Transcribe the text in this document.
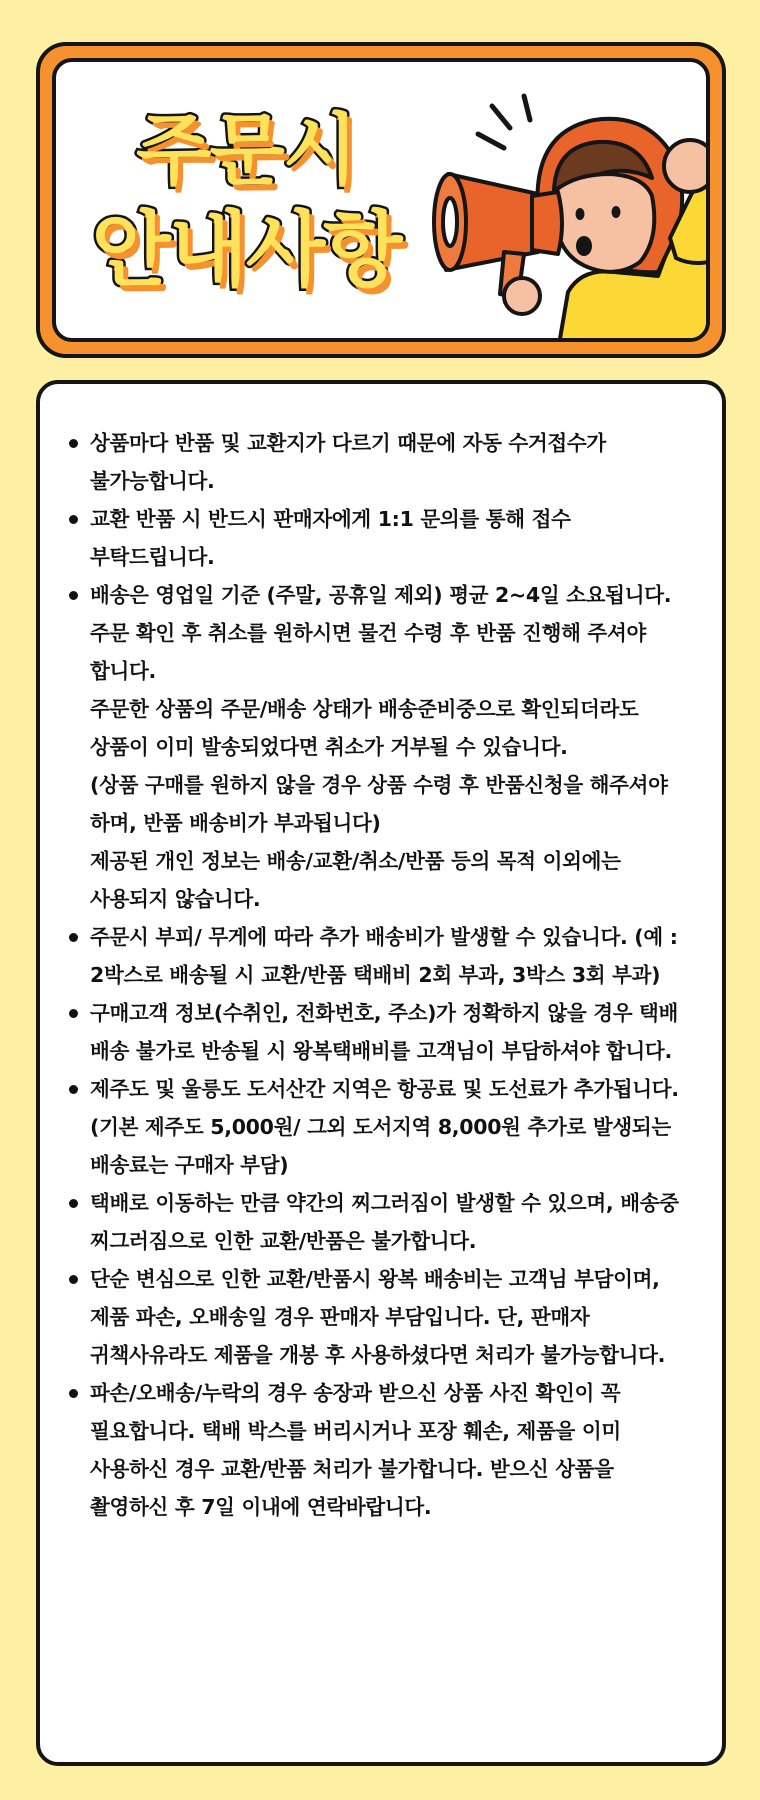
주문시
안내사항
상품마다 반품 및 교환지가 다르기 때문에 자동 수거접수가 불가능합니다.
교환 반품 시 반드시 판매자에게 1:1 문의를 통해 접수 부탁드립니다.
배송은 영업일 기준 (주말, 공휴일 제외) 평균 2~4일 소요됩니다.
주문 확인 후 취소를 원하시면 물건 수령 후 반품 진행해 주셔야 합니다.
주문한 상품의 주문/배송 상태가 배송준비중으로 확인되더라도 상품이 이미 발송되었다면 취소가 거부될 수 있습니다.
(상품 구매를 원하지 않을 경우 상품 수령 후 반품신청을 해주셔야 하며, 반품 배송비가 부과됩니다)
제공된 개인 정보는 배송/교환/취소/반품 등의 목적 이외에는 사용되지 않습니다.
주문시 부피/ 무게에 따라 추가 배송비가 발생할 수 있습니다. (예 : 2박스로 배송될 시 교환/반품 택배비 2회 부과, 3박스 3회 부과)
구매고객 정보(수취인, 전화번호, 주소)가 정확하지 않을 경우 택배 배송 불가로 반송될 시 왕복택배비를 고객님이 부담하셔야 합니다.
제주도 및 울릉도 도서산간 지역은 항공료 및 도선료가 추가됩니다. (기본 제주도 5,000원/ 그외 도서지역 8,000원 추가로 발생되는 배송료는 구매자 부담)
택배로 이동하는 만큼 약간의 찌그러짐이 발생할 수 있으며, 배송중 찌그러짐으로 인한 교환/반품은 불가합니다.
단순 변심으로 인한 교환/반품시 왕복 배송비는 고객님 부담이며, 제품 파손, 오배송일 경우 판매자 부담입니다. 단, 판매자 귀책사유라도 제품을 개봉 후 사용하셨다면 처리가 불가능합니다.
파손/오배송/누락의 경우 송장과 받으신 상품 사진 확인이 꼭 필요합니다. 택배 박스를 버리시거나 포장 훼손, 제품을 이미 사용하신 경우 교환/반품 처리가 불가합니다. 받으신 상품을 촬영하신 후 7일 이내에 연락바랍니다.
